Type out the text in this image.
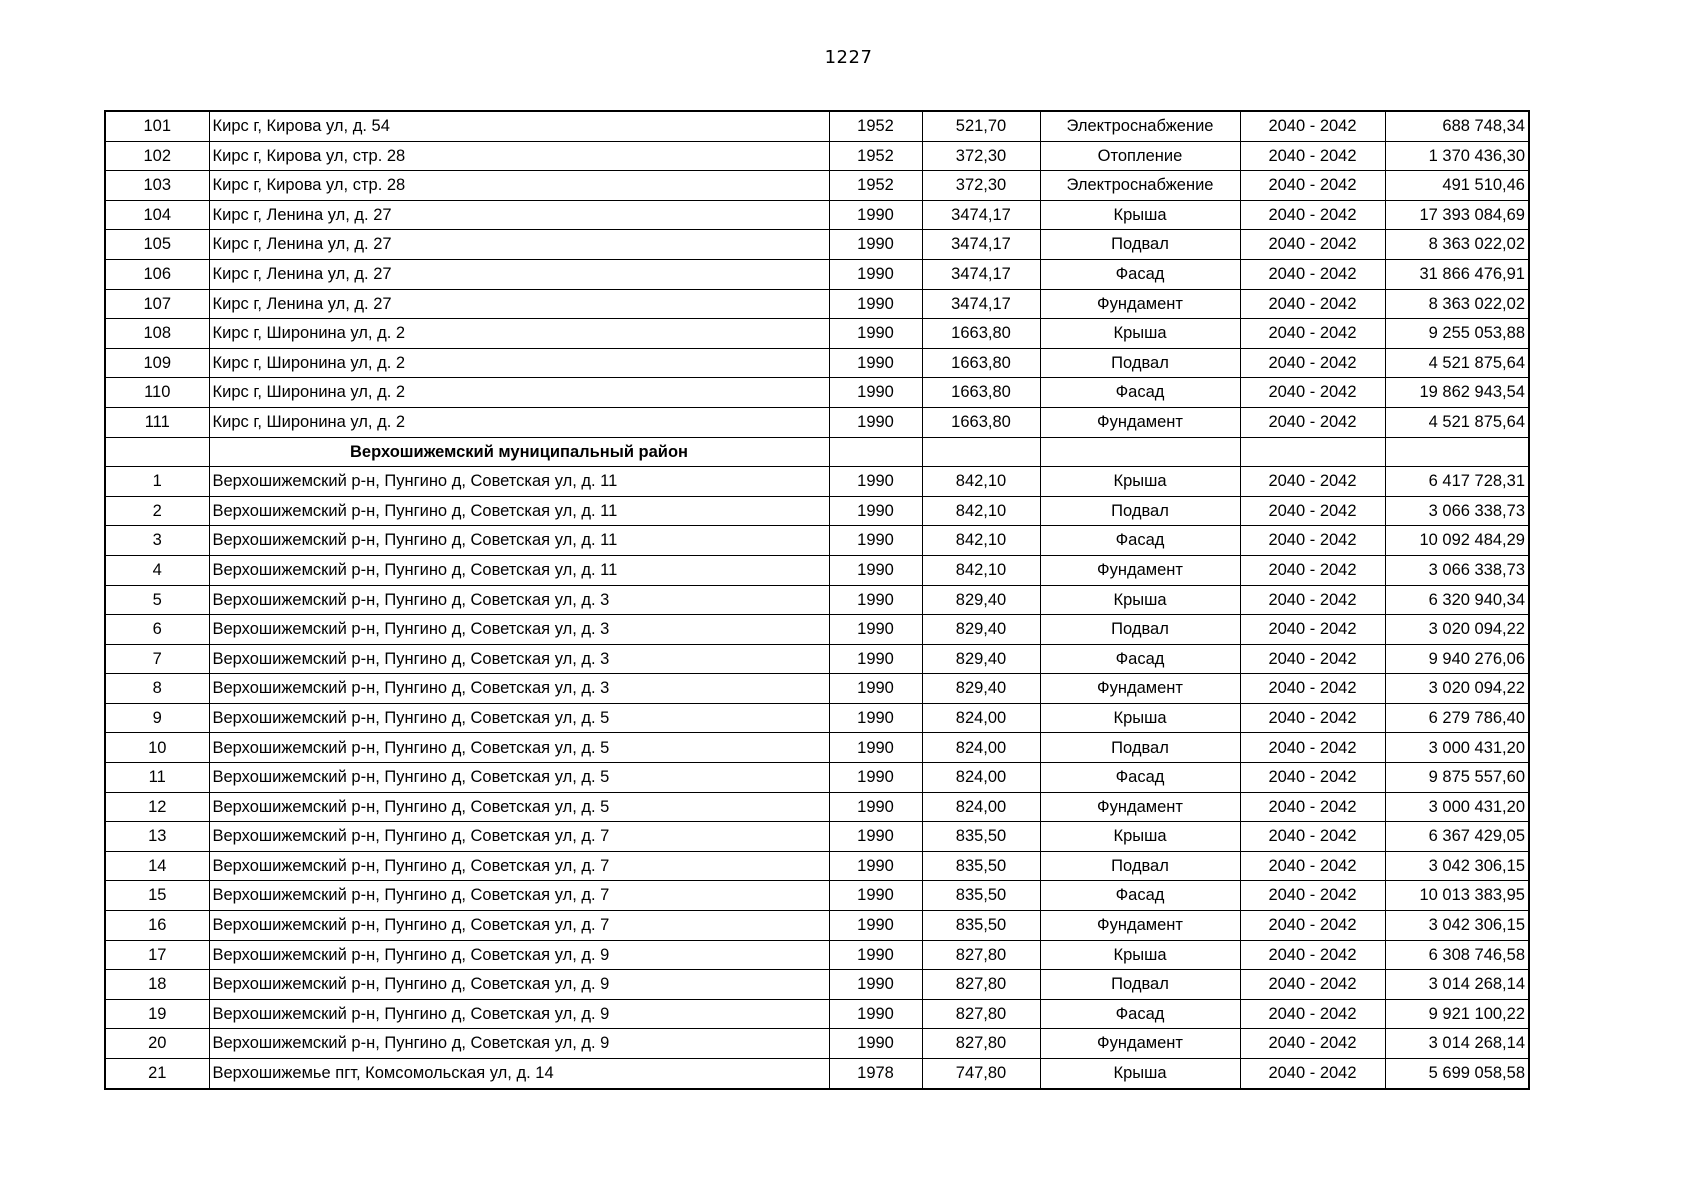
1227
101	Кирс г, Кирова ул, д. 54	1952	521,70	Электроснабжение	2040 - 2042	688 748,34
102	Кирс г, Кирова ул, стр. 28	1952	372,30	Отопление	2040 - 2042	1 370 436,30
103	Кирс г, Кирова ул, стр. 28	1952	372,30	Электроснабжение	2040 - 2042	491 510,46
104	Кирс г, Ленина ул, д. 27	1990	3474,17	Крыша	2040 - 2042	17 393 084,69
105	Кирс г, Ленина ул, д. 27	1990	3474,17	Подвал	2040 - 2042	8 363 022,02
106	Кирс г, Ленина ул, д. 27	1990	3474,17	Фасад	2040 - 2042	31 866 476,91
107	Кирс г, Ленина ул, д. 27	1990	3474,17	Фундамент	2040 - 2042	8 363 022,02
108	Кирс г, Широнина ул, д. 2	1990	1663,80	Крыша	2040 - 2042	9 255 053,88
109	Кирс г, Широнина ул, д. 2	1990	1663,80	Подвал	2040 - 2042	4 521 875,64
110	Кирс г, Широнина ул, д. 2	1990	1663,80	Фасад	2040 - 2042	19 862 943,54
111	Кирс г, Широнина ул, д. 2	1990	1663,80	Фундамент	2040 - 2042	4 521 875,64
	Верхошижемский муниципальный район					
1	Верхошижемский р-н, Пунгино д, Советская ул, д. 11	1990	842,10	Крыша	2040 - 2042	6 417 728,31
2	Верхошижемский р-н, Пунгино д, Советская ул, д. 11	1990	842,10	Подвал	2040 - 2042	3 066 338,73
3	Верхошижемский р-н, Пунгино д, Советская ул, д. 11	1990	842,10	Фасад	2040 - 2042	10 092 484,29
4	Верхошижемский р-н, Пунгино д, Советская ул, д. 11	1990	842,10	Фундамент	2040 - 2042	3 066 338,73
5	Верхошижемский р-н, Пунгино д, Советская ул, д. 3	1990	829,40	Крыша	2040 - 2042	6 320 940,34
6	Верхошижемский р-н, Пунгино д, Советская ул, д. 3	1990	829,40	Подвал	2040 - 2042	3 020 094,22
7	Верхошижемский р-н, Пунгино д, Советская ул, д. 3	1990	829,40	Фасад	2040 - 2042	9 940 276,06
8	Верхошижемский р-н, Пунгино д, Советская ул, д. 3	1990	829,40	Фундамент	2040 - 2042	3 020 094,22
9	Верхошижемский р-н, Пунгино д, Советская ул, д. 5	1990	824,00	Крыша	2040 - 2042	6 279 786,40
10	Верхошижемский р-н, Пунгино д, Советская ул, д. 5	1990	824,00	Подвал	2040 - 2042	3 000 431,20
11	Верхошижемский р-н, Пунгино д, Советская ул, д. 5	1990	824,00	Фасад	2040 - 2042	9 875 557,60
12	Верхошижемский р-н, Пунгино д, Советская ул, д. 5	1990	824,00	Фундамент	2040 - 2042	3 000 431,20
13	Верхошижемский р-н, Пунгино д, Советская ул, д. 7	1990	835,50	Крыша	2040 - 2042	6 367 429,05
14	Верхошижемский р-н, Пунгино д, Советская ул, д. 7	1990	835,50	Подвал	2040 - 2042	3 042 306,15
15	Верхошижемский р-н, Пунгино д, Советская ул, д. 7	1990	835,50	Фасад	2040 - 2042	10 013 383,95
16	Верхошижемский р-н, Пунгино д, Советская ул, д. 7	1990	835,50	Фундамент	2040 - 2042	3 042 306,15
17	Верхошижемский р-н, Пунгино д, Советская ул, д. 9	1990	827,80	Крыша	2040 - 2042	6 308 746,58
18	Верхошижемский р-н, Пунгино д, Советская ул, д. 9	1990	827,80	Подвал	2040 - 2042	3 014 268,14
19	Верхошижемский р-н, Пунгино д, Советская ул, д. 9	1990	827,80	Фасад	2040 - 2042	9 921 100,22
20	Верхошижемский р-н, Пунгино д, Советская ул, д. 9	1990	827,80	Фундамент	2040 - 2042	3 014 268,14
21	Верхошижемье пгт, Комсомольская ул, д. 14	1978	747,80	Крыша	2040 - 2042	5 699 058,58
